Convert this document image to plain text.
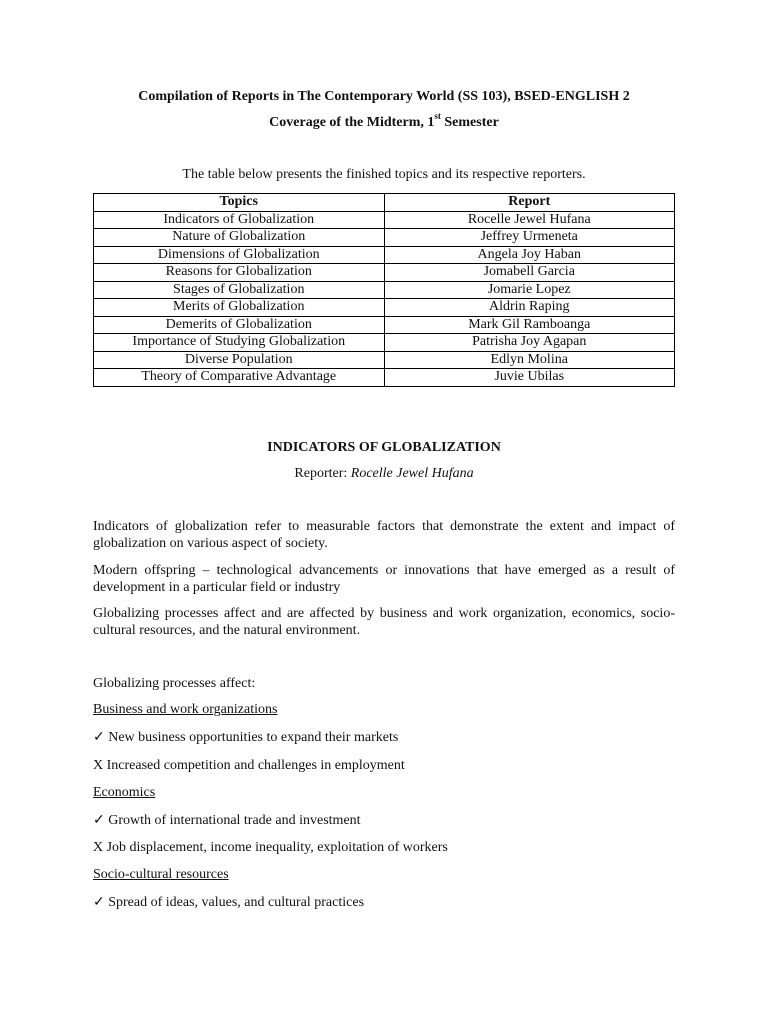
Compilation of Reports in The Contemporary World (SS 103), BSED-ENGLISH 2
Coverage of the Midterm, 1st Semester
The table below presents the finished topics and its respective reporters.
Topics	Report
Indicators of Globalization	Rocelle Jewel Hufana
Nature of Globalization	Jeffrey Urmeneta
Dimensions of Globalization	Angela Joy Haban
Reasons for Globalization	Jomabell Garcia
Stages of Globalization	Jomarie Lopez
Merits of Globalization	Aldrin Raping
Demerits of Globalization	Mark Gil Ramboanga
Importance of Studying Globalization	Patrisha Joy Agapan
Diverse Population	Edlyn Molina
Theory of Comparative Advantage	Juvie Ubilas
INDICATORS OF GLOBALIZATION
Reporter: Rocelle Jewel Hufana
Indicators of globalization refer to measurable factors that demonstrate the extent and impact of globalization on various aspect of society.
Modern offspring – technological advancements or innovations that have emerged as a result of development in a particular field or industry
Globalizing processes affect and are affected by business and work organization, economics, socio-cultural resources, and the natural environment.
Globalizing processes affect:
Business and work organizations
✓ New business opportunities to expand their markets
X Increased competition and challenges in employment
Economics
✓ Growth of international trade and investment
X Job displacement, income inequality, exploitation of workers
Socio-cultural resources
✓ Spread of ideas, values, and cultural practices
